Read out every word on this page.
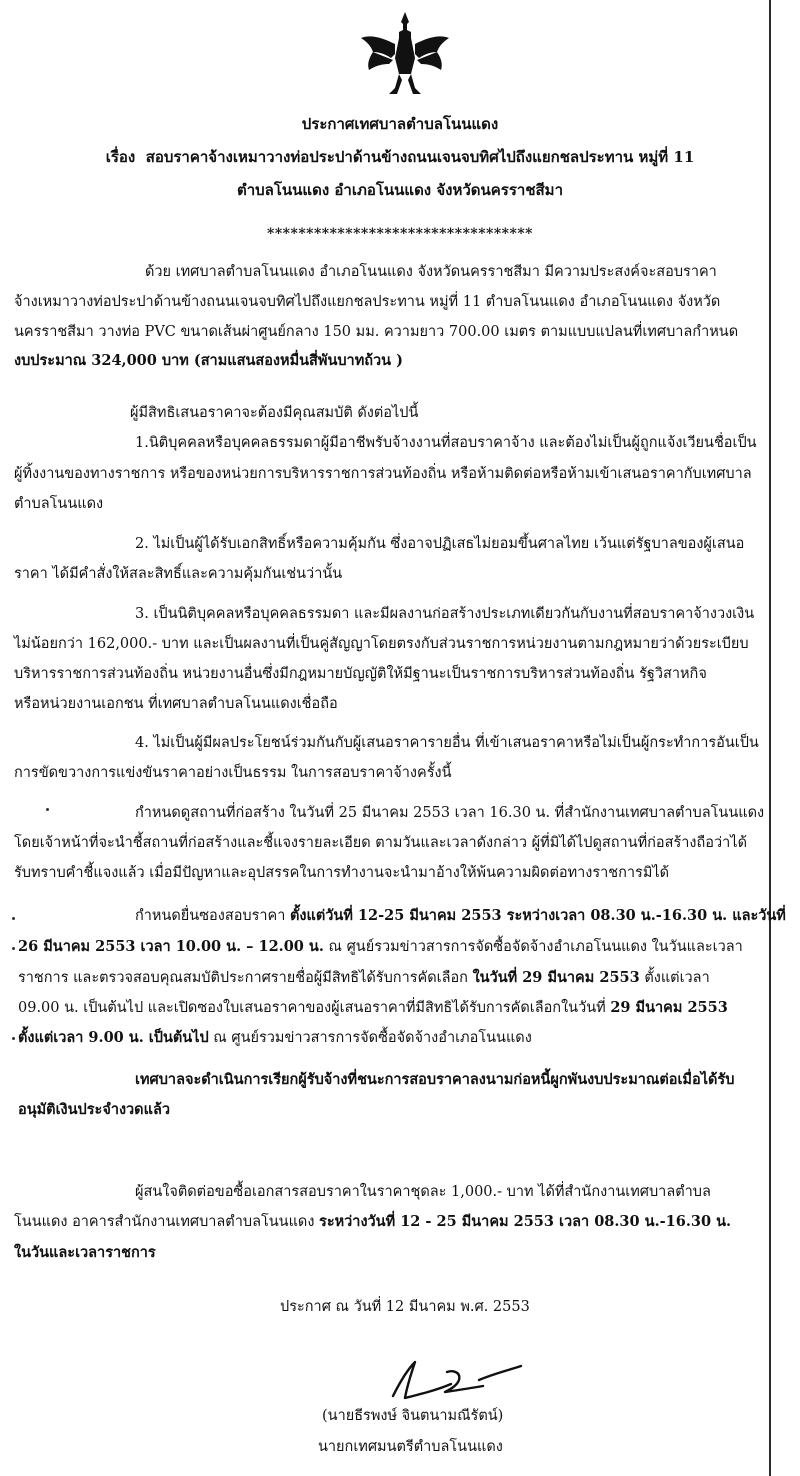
ประกาศเทศบาลตำบลโนนแดง
เรื่อง สอบราคาจ้างเหมาวางท่อประปาด้านข้างถนนเจนจบทิศไปถึงแยกชลประทาน หมู่ที่ 11
ตำบลโนนแดง อำเภอโนนแดง จังหวัดนครราชสีมา
**********************************
ด้วย เทศบาลตำบลโนนแดง อำเภอโนนแดง จังหวัดนครราชสีมา มีความประสงค์จะสอบราคา
จ้างเหมาวางท่อประปาด้านข้างถนนเจนจบทิศไปถึงแยกชลประทาน หมู่ที่ 11 ตำบลโนนแดง อำเภอโนนแดง จังหวัด
นครราชสีมา วางท่อ PVC ขนาดเส้นผ่าศูนย์กลาง 150 มม. ความยาว 700.00 เมตร ตามแบบแปลนที่เทศบาลกำหนด
งบประมาณ 324,000 บาท (สามแสนสองหมื่นสี่พันบาทถ้วน )
ผู้มีสิทธิเสนอราคาจะต้องมีคุณสมบัติ ดังต่อไปนี้
1.นิติบุคคลหรือบุคคลธรรมดาผู้มีอาชีพรับจ้างงานที่สอบราคาจ้าง และต้องไม่เป็นผู้ถูกแจ้งเวียนชื่อเป็น
ผู้ทิ้งงานของทางราชการ หรือของหน่วยการบริหารราชการส่วนท้องถิ่น หรือห้ามติดต่อหรือห้ามเข้าเสนอราคากับเทศบาล
ตำบลโนนแดง
2. ไม่เป็นผู้ได้รับเอกสิทธิ์หรือความคุ้มกัน ซึ่งอาจปฏิเสธไม่ยอมขึ้นศาลไทย เว้นแต่รัฐบาลของผู้เสนอ
ราคา ได้มีคำสั่งให้สละสิทธิ์และความคุ้มกันเช่นว่านั้น
3. เป็นนิติบุคคลหรือบุคคลธรรมดา และมีผลงานก่อสร้างประเภทเดียวกันกับงานที่สอบราคาจ้างวงเงิน
ไม่น้อยกว่า 162,000.- บาท และเป็นผลงานที่เป็นคู่สัญญาโดยตรงกับส่วนราชการหน่วยงานตามกฎหมายว่าด้วยระเบียบ
บริหารราชการส่วนท้องถิ่น หน่วยงานอื่นซึ่งมีกฎหมายบัญญัติให้มีฐานะเป็นราชการบริหารส่วนท้องถิ่น รัฐวิสาหกิจ
หรือหน่วยงานเอกชน ที่เทศบาลตำบลโนนแดงเชื่อถือ
4. ไม่เป็นผู้มีผลประโยชน์ร่วมกันกับผู้เสนอราคารายอื่น ที่เข้าเสนอราคาหรือไม่เป็นผู้กระทำการอันเป็น
การขัดขวางการแข่งขันราคาอย่างเป็นธรรม ในการสอบราคาจ้างครั้งนี้
กำหนดดูสถานที่ก่อสร้าง ในวันที่ 25 มีนาคม 2553 เวลา 16.30 น. ที่สำนักงานเทศบาลตำบลโนนแดง
โดยเจ้าหน้าที่จะนำชี้สถานที่ก่อสร้างและชี้แจงรายละเอียด ตามวันและเวลาดังกล่าว ผู้ที่มิได้ไปดูสถานที่ก่อสร้างถือว่าได้
รับทราบคำชี้แจงแล้ว เมื่อมีปัญหาและอุปสรรคในการทำงานจะนำมาอ้างให้พ้นความผิดต่อทางราชการมิได้
กำหนดยื่นซองสอบราคา ตั้งแต่วันที่ 12-25 มีนาคม 2553 ระหว่างเวลา 08.30 น.-16.30 น. และวันที่
26 มีนาคม 2553 เวลา 10.00 น. – 12.00 น. ณ ศูนย์รวมข่าวสารการจัดซื้อจัดจ้างอำเภอโนนแดง ในวันและเวลา
ราชการ และตรวจสอบคุณสมบัติประกาศรายชื่อผู้มีสิทธิได้รับการคัดเลือก ในวันที่ 29 มีนาคม 2553 ตั้งแต่เวลา
09.00 น. เป็นต้นไป และเปิดซองใบเสนอราคาของผู้เสนอราคาที่มีสิทธิได้รับการคัดเลือกในวันที่ 29 มีนาคม 2553
ตั้งแต่เวลา 9.00 น. เป็นต้นไป ณ ศูนย์รวมข่าวสารการจัดซื้อจัดจ้างอำเภอโนนแดง
เทศบาลจะดำเนินการเรียกผู้รับจ้างที่ชนะการสอบราคาลงนามก่อหนี้ผูกพันงบประมาณต่อเมื่อได้รับ
อนุมัติเงินประจำงวดแล้ว
ผู้สนใจติดต่อขอซื้อเอกสารสอบราคาในราคาชุดละ 1,000.- บาท ได้ที่สำนักงานเทศบาลตำบล
โนนแดง อาคารสำนักงานเทศบาลตำบลโนนแดง ระหว่างวันที่ 12 - 25 มีนาคม 2553 เวลา 08.30 น.-16.30 น.
ในวันและเวลาราชการ
ประกาศ ณ วันที่ 12 มีนาคม พ.ศ. 2553
(นายธีรพงษ์ จินตนามณีรัตน์)
นายกเทศมนตรีตำบลโนนแดง
